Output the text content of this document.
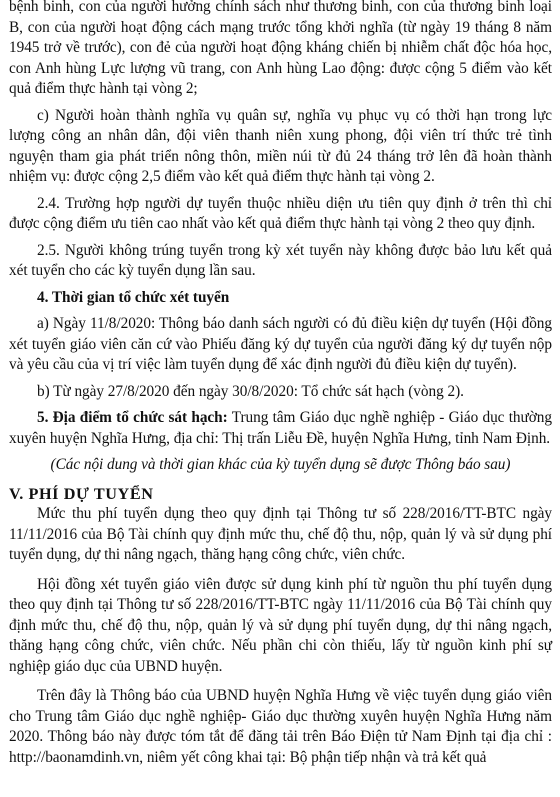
bệnh binh, con của người hưởng chính sách như thương binh, con của thương binh loại B, con của người hoạt động cách mạng trước tổng khởi nghĩa (từ ngày 19 tháng 8 năm 1945 trở về trước), con đẻ của người hoạt động kháng chiến bị nhiễm chất độc hóa học, con Anh hùng Lực lượng vũ trang, con Anh hùng Lao động: được cộng 5 điểm vào kết quả điểm thực hành tại vòng 2;

c) Người hoàn thành nghĩa vụ quân sự, nghĩa vụ phục vụ có thời hạn trong lực lượng công an nhân dân, đội viên thanh niên xung phong, đội viên trí thức trẻ tình nguyện tham gia phát triển nông thôn, miền núi từ đủ 24 tháng trở lên đã hoàn thành nhiệm vụ: được cộng 2,5 điểm vào kết quả điểm thực hành tại vòng 2.

2.4. Trường hợp người dự tuyển thuộc nhiều diện ưu tiên quy định ở trên thì chỉ được cộng điểm ưu tiên cao nhất vào kết quả điểm thực hành tại vòng 2 theo quy định.

2.5. Người không trúng tuyển trong kỳ xét tuyển này không được bảo lưu kết quả xét tuyển cho các kỳ tuyển dụng lần sau.

4. Thời gian tổ chức xét tuyển

a) Ngày 11/8/2020: Thông báo danh sách người có đủ điều kiện dự tuyển (Hội đồng xét tuyển giáo viên căn cứ vào Phiếu đăng ký dự tuyển của người đăng ký dự tuyển nộp và yêu cầu của vị trí việc làm tuyển dụng để xác định người đủ điều kiện dự tuyển).

b) Từ ngày 27/8/2020 đến ngày 30/8/2020: Tổ chức sát hạch (vòng 2).

5. Địa điểm tổ chức sát hạch: Trung tâm Giáo dục nghề nghiệp - Giáo dục thường xuyên huyện Nghĩa Hưng, địa chỉ: Thị trấn Liễu Đề, huyện Nghĩa Hưng, tỉnh Nam Định.

(Các nội dung và thời gian khác của kỳ tuyển dụng sẽ được Thông báo sau)

V. PHÍ DỰ TUYỂN

Mức thu phí tuyển dụng theo quy định tại Thông tư số 228/2016/TT-BTC ngày 11/11/2016 của Bộ Tài chính quy định mức thu, chế độ thu, nộp, quản lý và sử dụng phí tuyển dụng, dự thi nâng ngạch, thăng hạng công chức, viên chức.

Hội đồng xét tuyển giáo viên được sử dụng kinh phí từ nguồn thu phí tuyển dụng theo quy định tại Thông tư số 228/2016/TT-BTC ngày 11/11/2016 của Bộ Tài chính quy định mức thu, chế độ thu, nộp, quản lý và sử dụng phí tuyển dụng, dự thi nâng ngạch, thăng hạng công chức, viên chức. Nếu phần chi còn thiếu, lấy từ nguồn kinh phí sự nghiệp giáo dục của UBND huyện.

Trên đây là Thông báo của UBND huyện Nghĩa Hưng về việc tuyển dụng giáo viên cho Trung tâm Giáo dục nghề nghiệp- Giáo dục thường xuyên huyện Nghĩa Hưng năm 2020. Thông báo này được tóm tắt để đăng tải trên Báo Điện tử Nam Định tại địa chỉ : http://baonamdinh.vn, niêm yết công khai tại: Bộ phận tiếp nhận và trả kết quả
